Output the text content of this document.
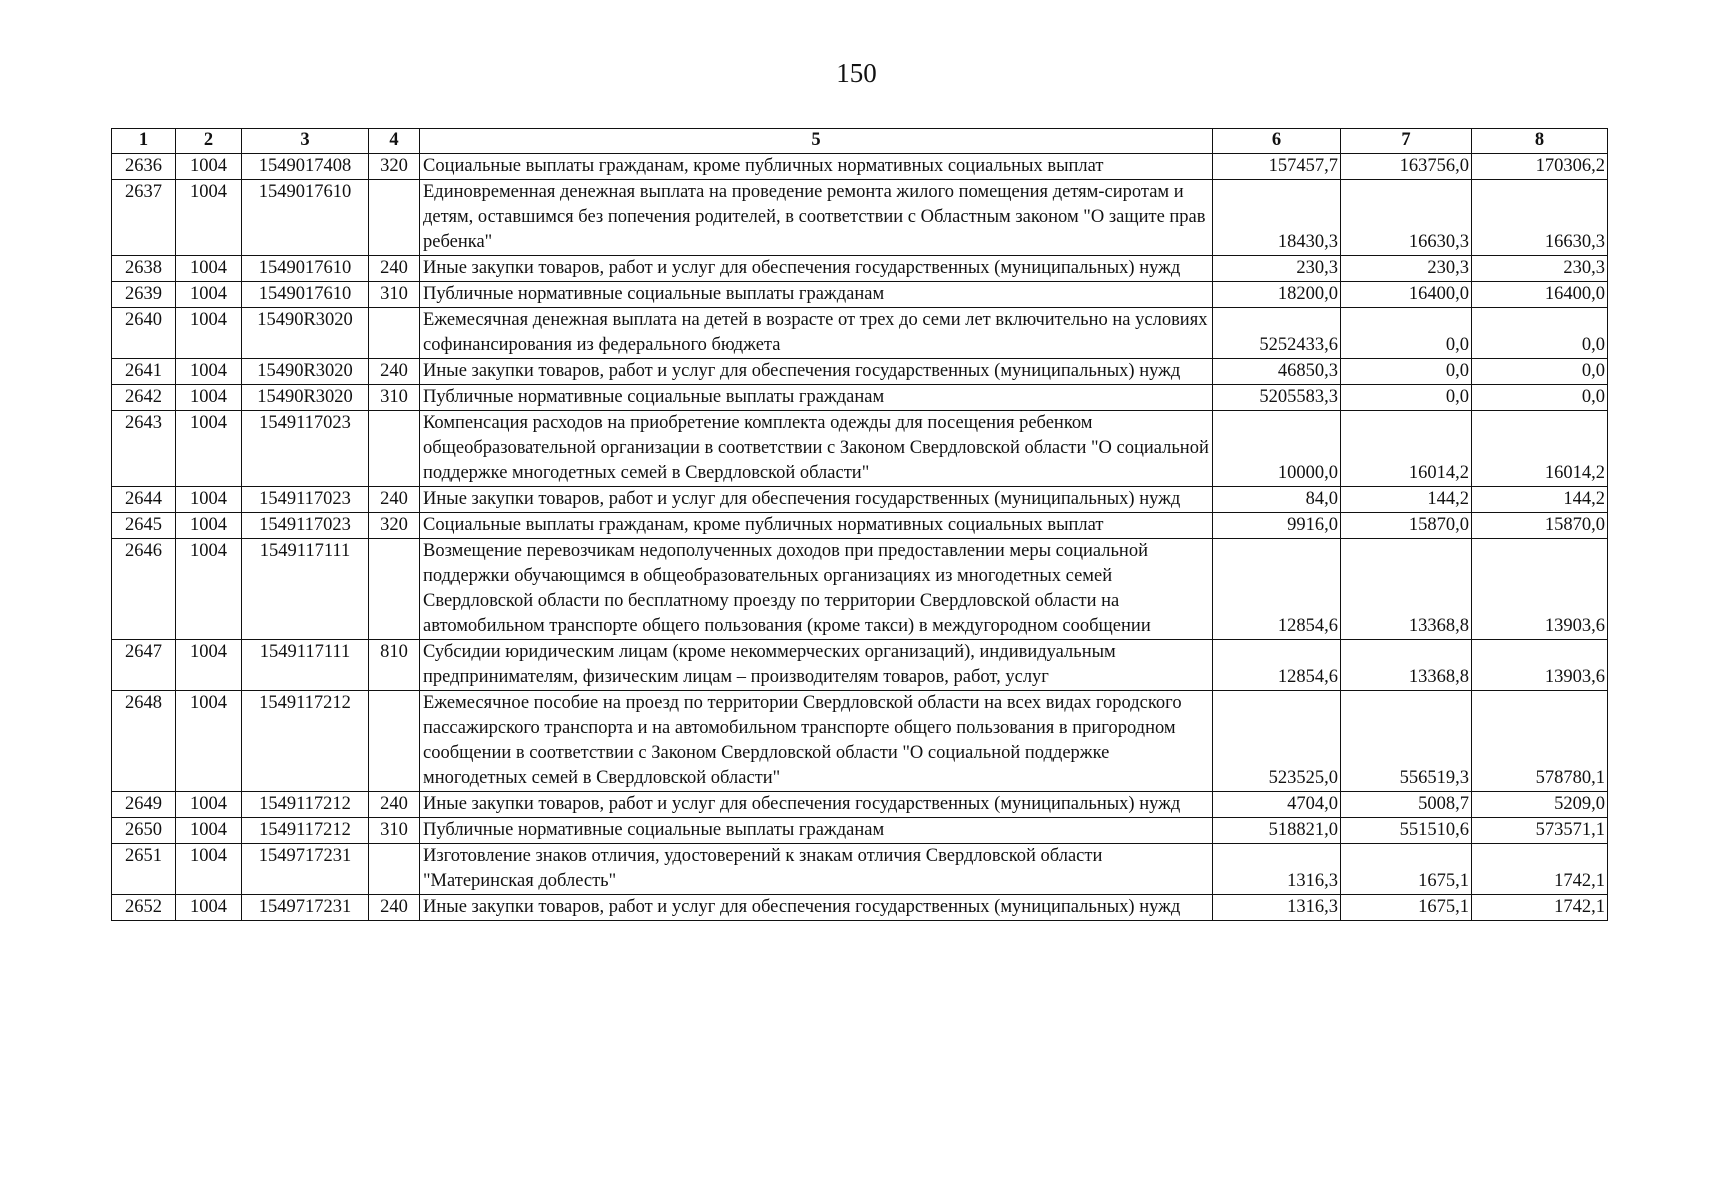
150
1	2	3	4	5	6	7	8
2636	1004	1549017408	320	Социальные выплаты гражданам, кроме публичных нормативных социальных выплат	157457,7	163756,0	170306,2
2637	1004	1549017610		Единовременная денежная выплата на проведение ремонта жилого помещения детям-сиротам и детям, оставшимся без попечения родителей, в соответствии с Областным законом "О защите прав ребенка"	18430,3	16630,3	16630,3
2638	1004	1549017610	240	Иные закупки товаров, работ и услуг для обеспечения государственных (муниципальных) нужд	230,3	230,3	230,3
2639	1004	1549017610	310	Публичные нормативные социальные выплаты гражданам	18200,0	16400,0	16400,0
2640	1004	15490R3020		Ежемесячная денежная выплата на детей в возрасте от трех до семи лет включительно на условиях софинансирования из федерального бюджета	5252433,6	0,0	0,0
2641	1004	15490R3020	240	Иные закупки товаров, работ и услуг для обеспечения государственных (муниципальных) нужд	46850,3	0,0	0,0
2642	1004	15490R3020	310	Публичные нормативные социальные выплаты гражданам	5205583,3	0,0	0,0
2643	1004	1549117023		Компенсация расходов на приобретение комплекта одежды для посещения ребенком общеобразовательной организации в соответствии с Законом Свердловской области "О социальной поддержке многодетных семей в Свердловской области"	10000,0	16014,2	16014,2
2644	1004	1549117023	240	Иные закупки товаров, работ и услуг для обеспечения государственных (муниципальных) нужд	84,0	144,2	144,2
2645	1004	1549117023	320	Социальные выплаты гражданам, кроме публичных нормативных социальных выплат	9916,0	15870,0	15870,0
2646	1004	1549117111		Возмещение перевозчикам недополученных доходов при предоставлении меры социальной поддержки обучающимся в общеобразовательных организациях из многодетных семей Свердловской области по бесплатному проезду по территории Свердловской области на автомобильном транспорте общего пользования (кроме такси) в междугородном сообщении	12854,6	13368,8	13903,6
2647	1004	1549117111	810	Субсидии юридическим лицам (кроме некоммерческих организаций), индивидуальным предпринимателям, физическим лицам – производителям товаров, работ, услуг	12854,6	13368,8	13903,6
2648	1004	1549117212		Ежемесячное пособие на проезд по территории Свердловской области на всех видах городского пассажирского транспорта и на автомобильном транспорте общего пользования в пригородном сообщении в соответствии с Законом Свердловской области "О социальной поддержке многодетных семей в Свердловской области"	523525,0	556519,3	578780,1
2649	1004	1549117212	240	Иные закупки товаров, работ и услуг для обеспечения государственных (муниципальных) нужд	4704,0	5008,7	5209,0
2650	1004	1549117212	310	Публичные нормативные социальные выплаты гражданам	518821,0	551510,6	573571,1
2651	1004	1549717231		Изготовление знаков отличия, удостоверений к знакам отличия Свердловской области "Материнская доблесть"	1316,3	1675,1	1742,1
2652	1004	1549717231	240	Иные закупки товаров, работ и услуг для обеспечения государственных (муниципальных) нужд	1316,3	1675,1	1742,1
